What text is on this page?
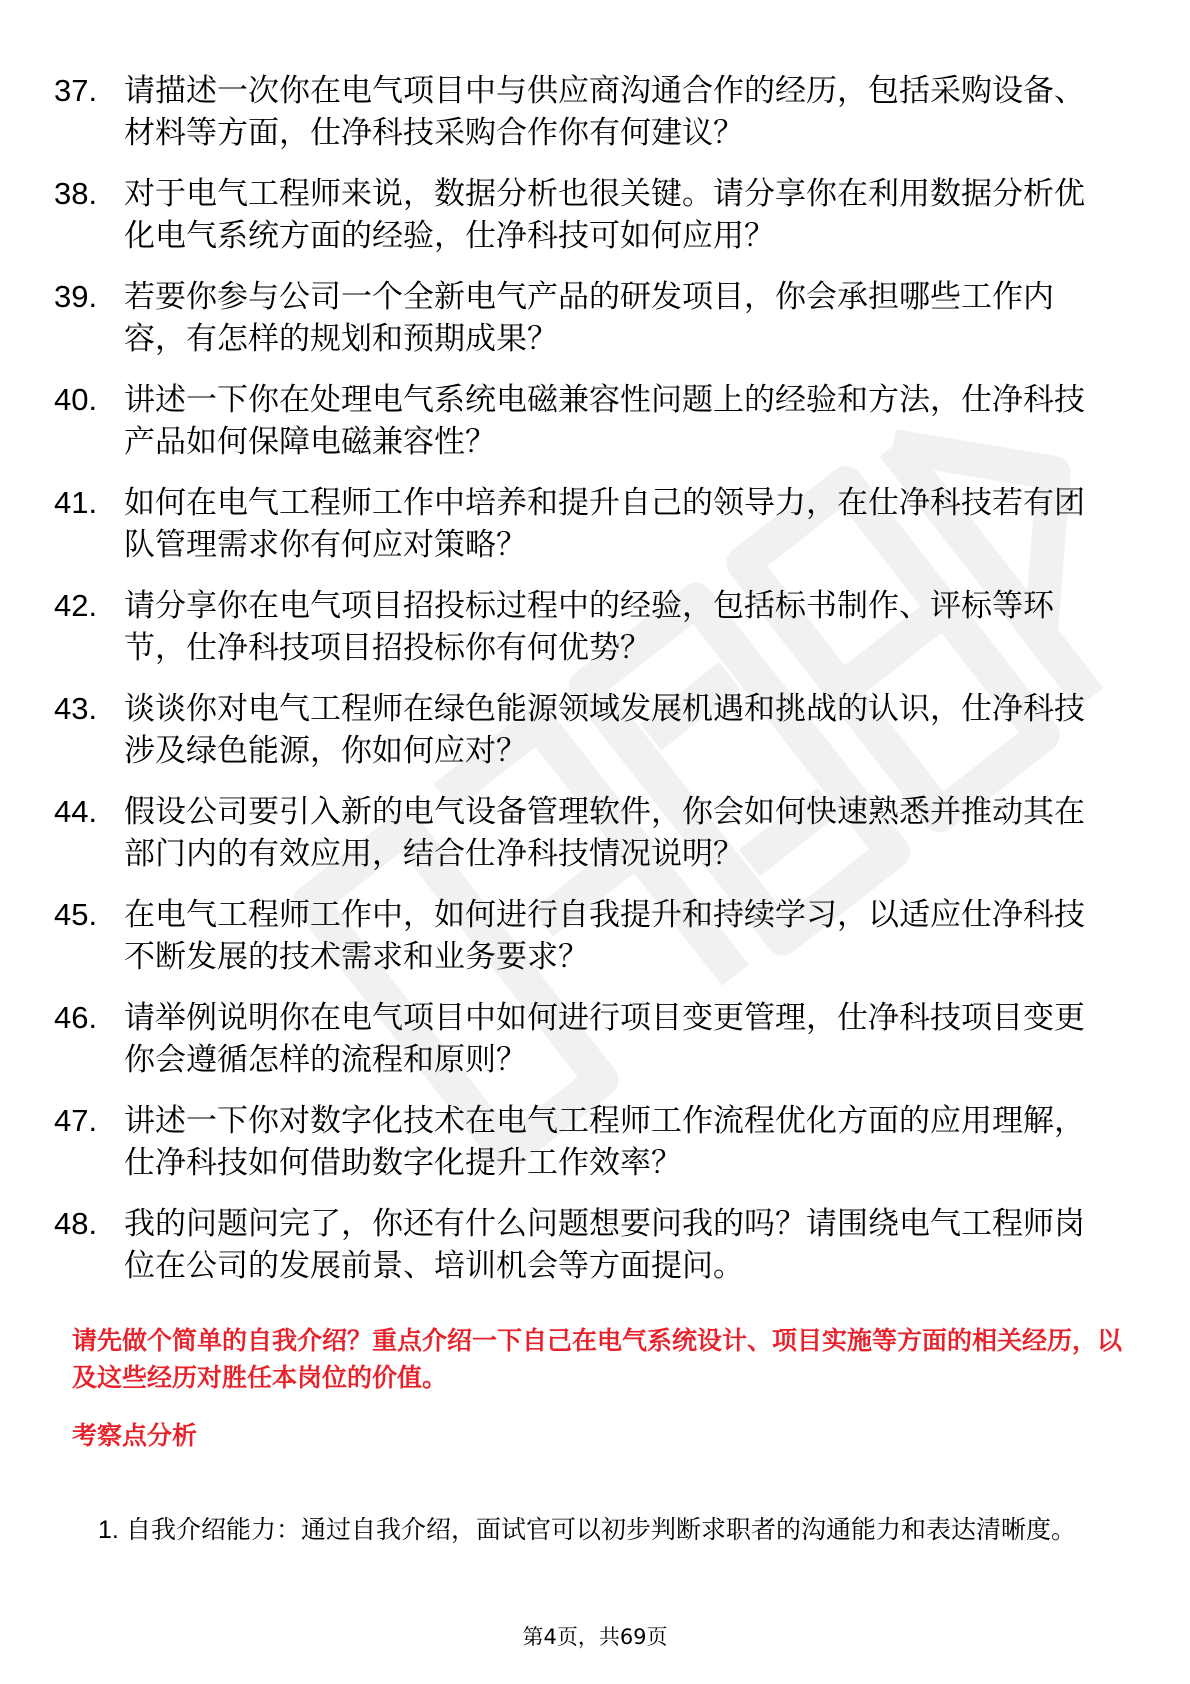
37. 请描述一次你在电气项目中与供应商沟通合作的经历，包括采购设备、材料等方面，仕净科技采购合作你有何建议？
38. 对于电气工程师来说，数据分析也很关键。请分享你在利用数据分析优化电气系统方面的经验，仕净科技可如何应用？
39. 若要你参与公司一个全新电气产品的研发项目，你会承担哪些工作内容，有怎样的规划和预期成果？
40. 讲述一下你在处理电气系统电磁兼容性问题上的经验和方法，仕净科技产品如何保障电磁兼容性？
41. 如何在电气工程师工作中培养和提升自己的领导力，在仕净科技若有团队管理需求你有何应对策略？
42. 请分享你在电气项目招投标过程中的经验，包括标书制作、评标等环节，仕净科技项目招投标你有何优势？
43. 谈谈你对电气工程师在绿色能源领域发展机遇和挑战的认识，仕净科技涉及绿色能源，你如何应对？
44. 假设公司要引入新的电气设备管理软件，你会如何快速熟悉并推动其在部门内的有效应用，结合仕净科技情况说明？
45. 在电气工程师工作中，如何进行自我提升和持续学习，以适应仕净科技不断发展的技术需求和业务要求？
46. 请举例说明你在电气项目中如何进行项目变更管理，仕净科技项目变更你会遵循怎样的流程和原则？
47. 讲述一下你对数字化技术在电气工程师工作流程优化方面的应用理解，仕净科技如何借助数字化提升工作效率？
48. 我的问题问完了，你还有什么问题想要问我的吗？请围绕电气工程师岗位在公司的发展前景、培训机会等方面提问。

请先做个简单的自我介绍？重点介绍一下自己在电气系统设计、项目实施等方面的相关经历，以及这些经历对胜任本岗位的价值。

考察点分析
1. 自我介绍能力：通过自我介绍，面试官可以初步判断求职者的沟通能力和表达清晰度。
第4页，共69页
